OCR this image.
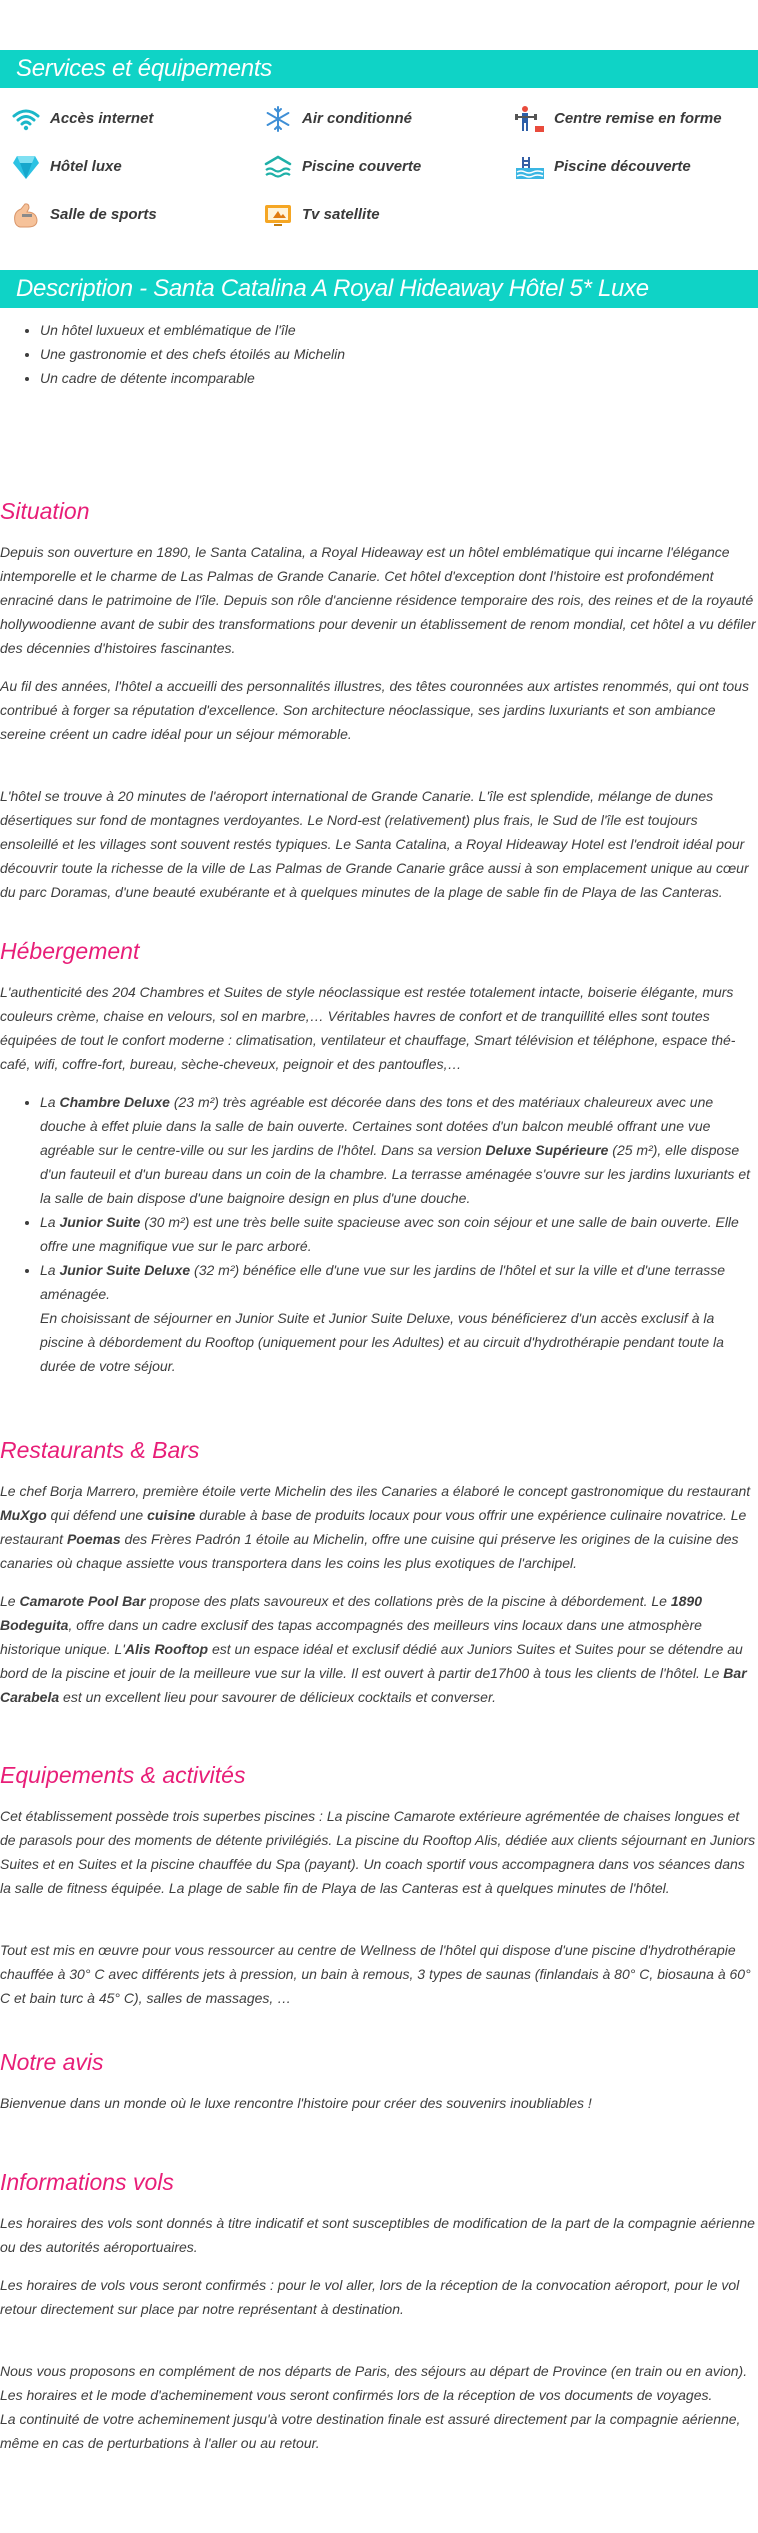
Services et équipements
Accès internet	Air conditionné	Centre remise en forme
Hôtel luxe	Piscine couverte	Piscine découverte
Salle de sports	Tv satellite
Description - Santa Catalina A Royal Hideaway Hôtel 5* Luxe
• Un hôtel luxueux et emblématique de l'île
• Une gastronomie et des chefs étoilés au Michelin
• Un cadre de détente incomparable
Situation

Depuis son ouverture en 1890, le Santa Catalina, a Royal Hideaway est un hôtel emblématique qui incarne l'élégance intemporelle et le charme de Las Palmas de Grande Canarie. Cet hôtel d'exception dont l'histoire est profondément enraciné dans le patrimoine de l'île. Depuis son rôle d'ancienne résidence temporaire des rois, des reines et de la royauté hollywoodienne avant de subir des transformations pour devenir un établissement de renom mondial, cet hôtel a vu défiler des décennies d'histoires fascinantes.

Au fil des années, l'hôtel a accueilli des personnalités illustres, des têtes couronnées aux artistes renommés, qui ont tous contribué à forger sa réputation d'excellence. Son architecture néoclassique, ses jardins luxuriants et son ambiance sereine créent un cadre idéal pour un séjour mémorable.

L'hôtel se trouve à 20 minutes de l'aéroport international de Grande Canarie. L'île est splendide, mélange de dunes désertiques sur fond de montagnes verdoyantes. Le Nord-est (relativement) plus frais, le Sud de l'île est toujours ensoleillé et les villages sont souvent restés typiques. Le Santa Catalina, a Royal Hideaway Hotel est l'endroit idéal pour découvrir toute la richesse de la ville de Las Palmas de Grande Canarie grâce aussi à son emplacement unique au cœur du parc Doramas, d'une beauté exubérante et à quelques minutes de la plage de sable fin de Playa de las Canteras.

Hébergement

L'authenticité des 204 Chambres et Suites de style néoclassique est restée totalement intacte, boiserie élégante, murs couleurs crème, chaise en velours, sol en marbre,… Véritables havres de confort et de tranquillité elles sont toutes équipées de tout le confort moderne : climatisation, ventilateur et chauffage, Smart télévision et téléphone, espace thé-café, wifi, coffre-fort, bureau, sèche-cheveux, peignoir et des pantoufles,…

• La Chambre Deluxe (23 m²) très agréable est décorée dans des tons et des matériaux chaleureux avec une douche à effet pluie dans la salle de bain ouverte. Certaines sont dotées d'un balcon meublé offrant une vue agréable sur le centre-ville ou sur les jardins de l'hôtel. Dans sa version Deluxe Supérieure (25 m²), elle dispose d'un fauteuil et d'un bureau dans un coin de la chambre. La terrasse aménagée s'ouvre sur les jardins luxuriants et la salle de bain dispose d'une baignoire design en plus d'une douche.
• La Junior Suite (30 m²) est une très belle suite spacieuse avec son coin séjour et une salle de bain ouverte. Elle offre une magnifique vue sur le parc arboré.
• La Junior Suite Deluxe (32 m²) bénéfice elle d'une vue sur les jardins de l'hôtel et sur la ville et d'une terrasse aménagée.
En choisissant de séjourner en Junior Suite et Junior Suite Deluxe, vous bénéficierez d'un accès exclusif à la piscine à débordement du Rooftop (uniquement pour les Adultes) et au circuit d'hydrothérapie pendant toute la durée de votre séjour.
Restaurants & Bars

Le chef Borja Marrero, première étoile verte Michelin des iles Canaries a élaboré le concept gastronomique du restaurant MuXgo qui défend une cuisine durable à base de produits locaux pour vous offrir une expérience culinaire novatrice. Le restaurant Poemas des Frères Padrón 1 étoile au Michelin, offre une cuisine qui préserve les origines de la cuisine des canaries où chaque assiette vous transportera dans les coins les plus exotiques de l'archipel.

Le Camarote Pool Bar propose des plats savoureux et des collations près de la piscine à débordement. Le 1890 Bodeguita, offre dans un cadre exclusif des tapas accompagnés des meilleurs vins locaux dans une atmosphère historique unique. L'Alis Rooftop est un espace idéal et exclusif dédié aux Juniors Suites et Suites pour se détendre au bord de la piscine et jouir de la meilleure vue sur la ville. Il est ouvert à partir de17h00 à tous les clients de l'hôtel. Le Bar Carabela est un excellent lieu pour savourer de délicieux cocktails et converser.

Equipements & activités

Cet établissement possède trois superbes piscines : La piscine Camarote extérieure agrémentée de chaises longues et de parasols pour des moments de détente privilégiés. La piscine du Rooftop Alis, dédiée aux clients séjournant en Juniors Suites et en Suites et la piscine chauffée du Spa (payant). Un coach sportif vous accompagnera dans vos séances dans la salle de fitness équipée. La plage de sable fin de Playa de las Canteras est à quelques minutes de l'hôtel.

Tout est mis en œuvre pour vous ressourcer au centre de Wellness de l'hôtel qui dispose d'une piscine d'hydrothérapie chauffée à 30° C avec différents jets à pression, un bain à remous, 3 types de saunas (finlandais à 80° C, biosauna à 60° C et bain turc à 45° C), salles de massages, …

Notre avis

Bienvenue dans un monde où le luxe rencontre l'histoire pour créer des souvenirs inoubliables !

Informations vols

Les horaires des vols sont donnés à titre indicatif et sont susceptibles de modification de la part de la compagnie aérienne ou des autorités aéroportuaires.

Les horaires de vols vous seront confirmés : pour le vol aller, lors de la réception de la convocation aéroport, pour le vol retour directement sur place par notre représentant à destination.

Nous vous proposons en complément de nos départs de Paris, des séjours au départ de Province (en train ou en avion).
Les horaires et le mode d'acheminement vous seront confirmés lors de la réception de vos documents de voyages.
La continuité de votre acheminement jusqu'à votre destination finale est assuré directement par la compagnie aérienne, même en cas de perturbations à l'aller ou au retour.
